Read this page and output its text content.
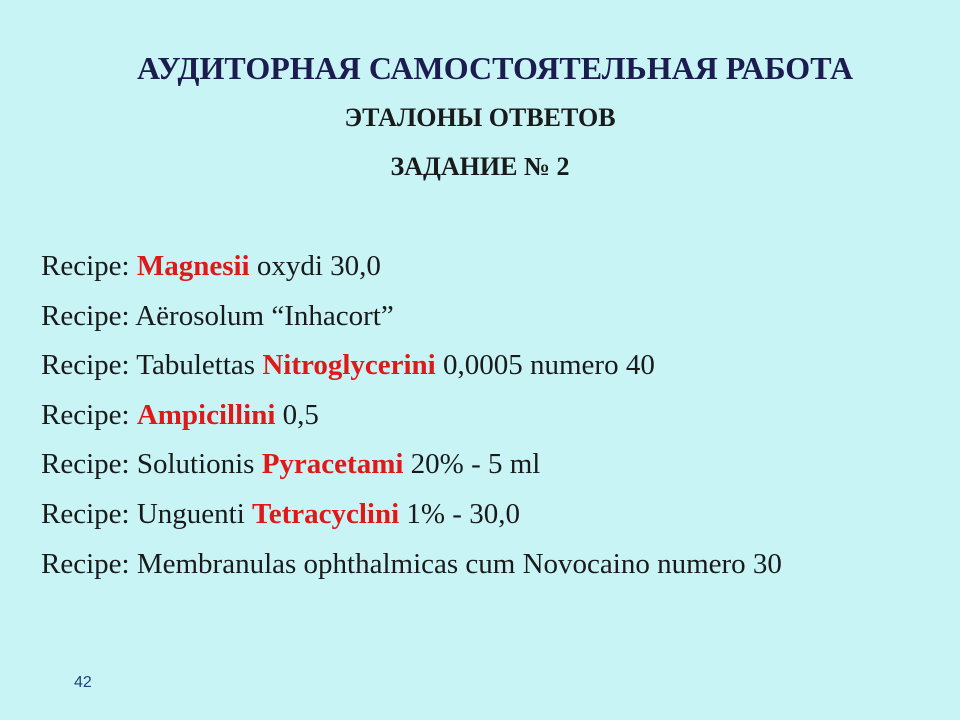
АУДИТОРНАЯ САМОСТОЯТЕЛЬНАЯ РАБОТА
ЭТАЛОНЫ ОТВЕТОВ
ЗАДАНИЕ № 2
Recipe: Magnesii oxydi 30,0
Recipe: Aërosolum “Inhacort”
Recipe: Tabulettas Nitroglycerini 0,0005 numero 40
Recipe: Ampicillini 0,5
Recipe: Solutionis Pyracetami 20% - 5 ml
Recipe: Unguenti Tetracyclini 1% - 30,0
Recipe: Membranulas ophthalmicas cum Novocaino numero 30
42
